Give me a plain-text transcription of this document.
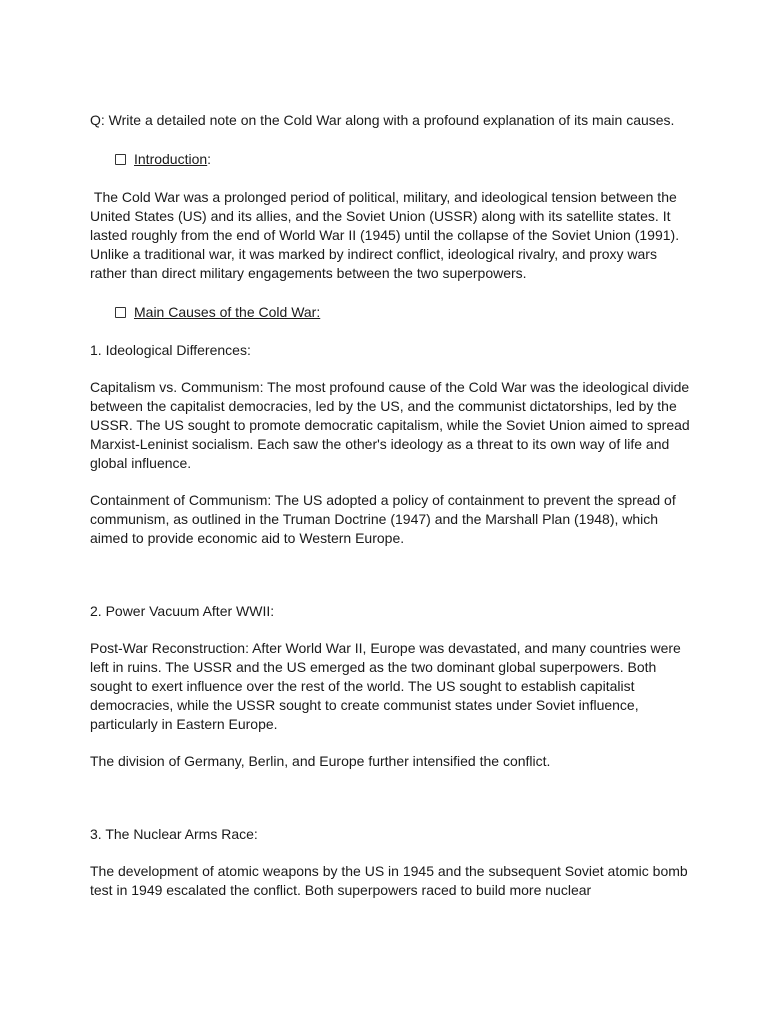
Q: Write a detailed note on the Cold War along with a profound explanation of its main causes.

Introduction :

The Cold War was a prolonged period of political, military, and ideological tension between the United States (US) and its allies, and the Soviet Union (USSR) along with its satellite states. It lasted roughly from the end of World War II (1945) until the collapse of the Soviet Union (1991). Unlike a traditional war, it was marked by indirect conflict, ideological rivalry, and proxy wars rather than direct military engagements between the two superpowers.

Main Causes of the Cold War:

1. Ideological Differences:

Capitalism vs. Communism: The most profound cause of the Cold War was the ideological divide between the capitalist democracies, led by the US, and the communist dictatorships, led by the USSR. The US sought to promote democratic capitalism, while the Soviet Union aimed to spread Marxist-Leninist socialism. Each saw the other's ideology as a threat to its own way of life and global influence.

Containment of Communism: The US adopted a policy of containment to prevent the spread of communism, as outlined in the Truman Doctrine (1947) and the Marshall Plan (1948), which aimed to provide economic aid to Western Europe.

2. Power Vacuum After WWII:

Post-War Reconstruction: After World War II, Europe was devastated, and many countries were left in ruins. The USSR and the US emerged as the two dominant global superpowers. Both sought to exert influence over the rest of the world. The US sought to establish capitalist democracies, while the USSR sought to create communist states under Soviet influence, particularly in Eastern Europe.

The division of Germany, Berlin, and Europe further intensified the conflict.

3. The Nuclear Arms Race:

The development of atomic weapons by the US in 1945 and the subsequent Soviet atomic bomb test in 1949 escalated the conflict. Both superpowers raced to build more nuclear
